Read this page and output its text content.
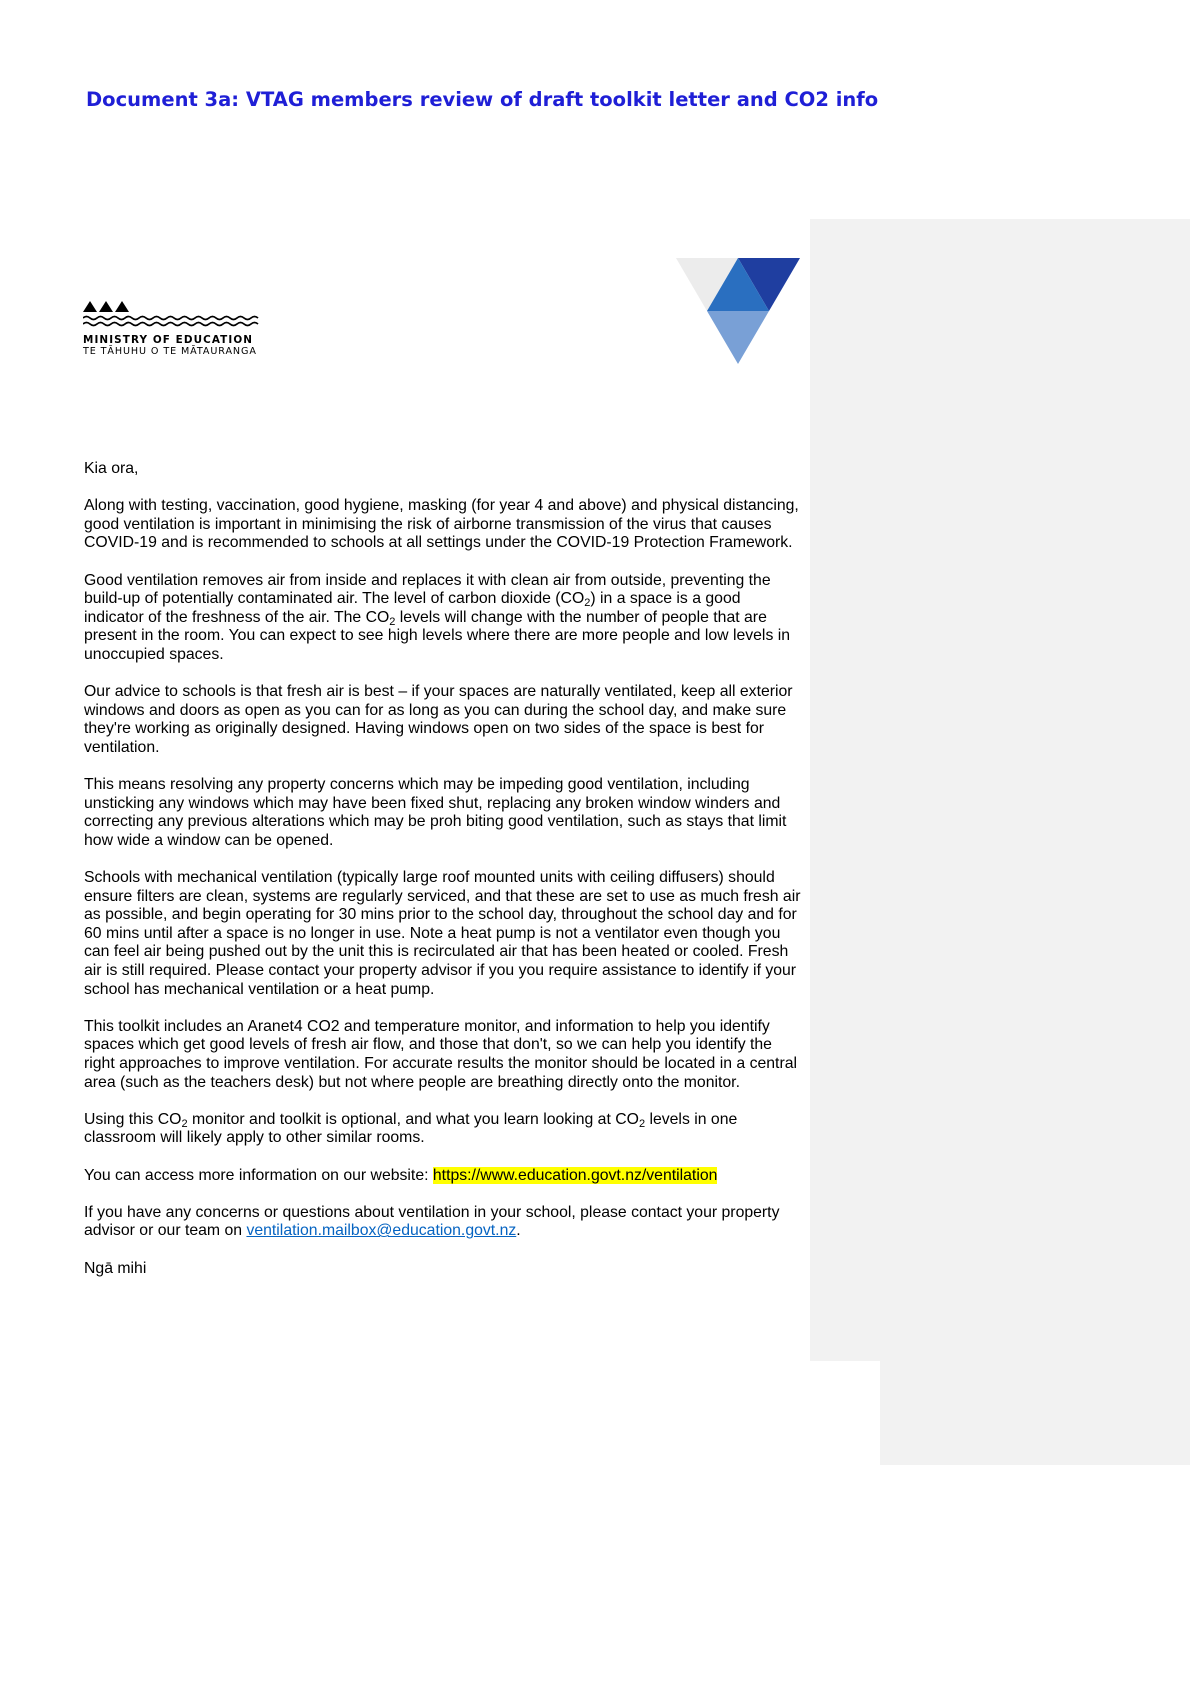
Document 3a: VTAG members review of draft toolkit letter and CO2 info
MINISTRY OF EDUCATION
TE TĀHUHU O TE MĀTAURANGA

Kia ora,

Along with testing, vaccination, good hygiene, masking (for year 4 and above) and physical distancing, good ventilation is important in minimising the risk of airborne transmission of the virus that causes COVID-19 and is recommended to schools at all settings under the COVID-19 Protection Framework.

Good ventilation removes air from inside and replaces it with clean air from outside, preventing the build-up of potentially contaminated air. The level of carbon dioxide $(CO_2)$ in a space is a good indicator of the freshness of the air. The $CO_2$ levels will change with the number of people that are present in the room. You can expect to see high levels where there are more people and low levels in unoccupied spaces.

Our advice to schools is that fresh air is best – if your spaces are naturally ventilated, keep all exterior windows and doors as open as you can for as long as you can during the school day, and make sure they're working as originally designed. Having windows open on two sides of the space is best for ventilation.

This means resolving any property concerns which may be impeding good ventilation, including unsticking any windows which may have been fixed shut, replacing any broken window winders and correcting any previous alterations which may be proh biting good ventilation, such as stays that limit how wide a window can be opened.

Schools with mechanical ventilation (typically large roof mounted units with ceiling diffusers) should ensure filters are clean, systems are regularly serviced, and that these are set to use as much fresh air as possible, and begin operating for 30 mins prior to the school day, throughout the school day and for 60 mins until after a space is no longer in use. Note a heat pump is not a ventilator even though you can feel air being pushed out by the unit this is recirculated air that has been heated or cooled. Fresh air is still required. Please contact your property advisor if you you require assistance to identify if your school has mechanical ventilation or a heat pump.

This toolkit includes an Aranet4 CO2 and temperature monitor, and information to help you identify spaces which get good levels of fresh air flow, and those that don't, so we can help you identify the right approaches to improve ventilation. For accurate results the monitor should be located in a central area (such as the teachers desk) but not where people are breathing directly onto the monitor.

Using this $CO_2$ monitor and toolkit is optional, and what you learn looking at $CO_2$ levels in one classroom will likely apply to other similar rooms.

You can access more information on our website: https://www.education.govt.nz/ventilation

If you have any concerns or questions about ventilation in your school, please contact your property advisor or our team on ventilation.mailbox@education.govt.nz.

Ngā mihi
